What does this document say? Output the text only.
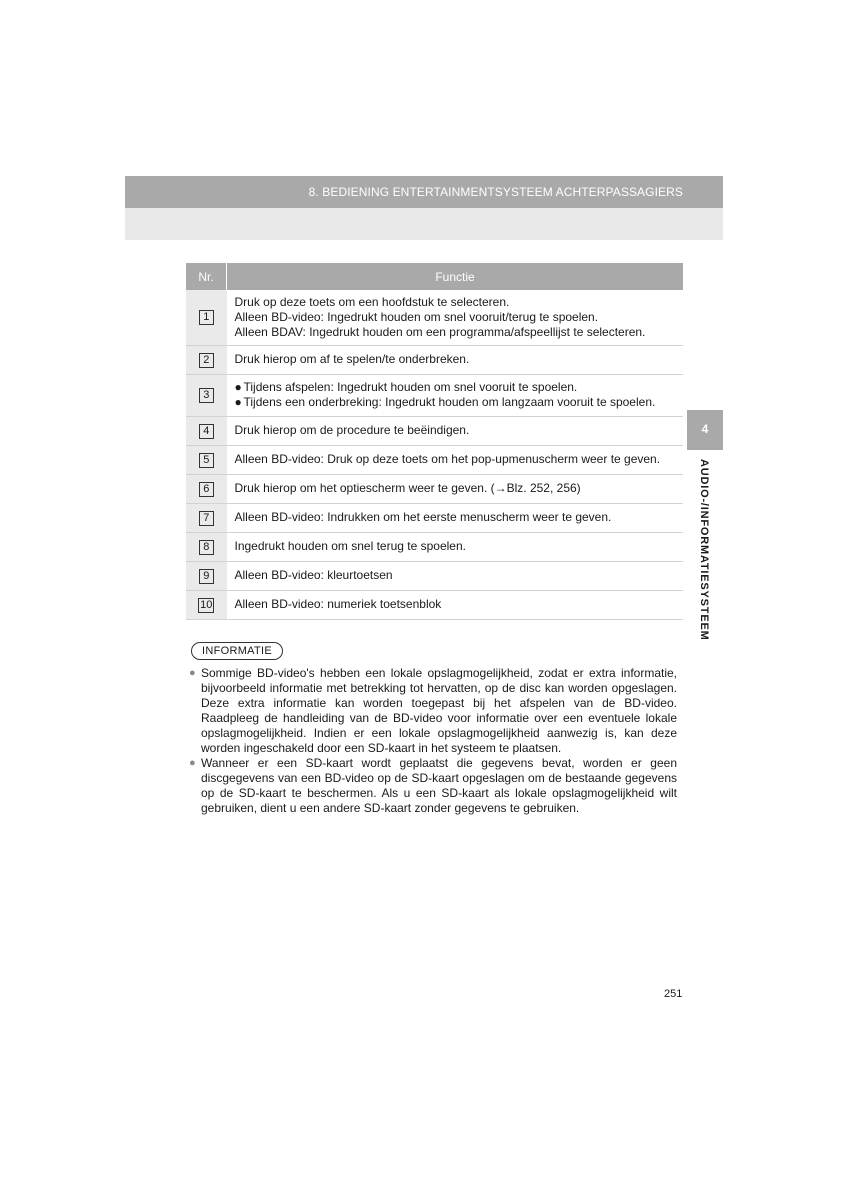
8. BEDIENING ENTERTAINMENTSYSTEEM ACHTERPASSAGIERS
Nr.	Functie
1	Druk op deze toets om een hoofdstuk te selecteren.
Alleen BD-video: Ingedrukt houden om snel vooruit/terug te spoelen.
Alleen BDAV: Ingedrukt houden om een programma/afspeellijst te selecteren.

2	Druk hierop om af te spelen/te onderbreken.

3	● Tijdens afspelen: Ingedrukt houden om snel vooruit te spoelen.
● Tijdens een onderbreking: Ingedrukt houden om langzaam vooruit te spoelen.

4	Druk hierop om de procedure te beëindigen.

5	Alleen BD-video: Druk op deze toets om het pop-upmenuscherm weer te geven.

6	Druk hierop om het optiescherm weer te geven. (→Blz. 252, 256)

7	Alleen BD-video: Indrukken om het eerste menuscherm weer te geven.

8	Ingedrukt houden om snel terug te spoelen.

9	Alleen BD-video: kleurtoetsen

10	Alleen BD-video: numeriek toetsenblok
INFORMATIE

● Sommige BD-video's hebben een lokale opslagmogelijkheid, zodat er extra informatie, bijvoorbeeld informatie met betrekking tot hervatten, op de disc kan worden opgeslagen. Deze extra informatie kan worden toegepast bij het afspelen van de BD-video. Raadpleeg de handleiding van de BD-video voor informatie over een eventuele lokale opslagmogelijkheid. Indien er een lokale opslagmogelijkheid aanwezig is, kan deze worden ingeschakeld door een SD-kaart in het systeem te plaatsen.

● Wanneer er een SD-kaart wordt geplaatst die gegevens bevat, worden er geen discgegevens van een BD-video op de SD-kaart opgeslagen om de bestaande gegevens op de SD-kaart te beschermen. Als u een SD-kaart als lokale opslagmogelijkheid wilt gebruiken, dient u een andere SD-kaart zonder gegevens te gebruiken.

4
AUDIO-/INFORMATIESYSTEEM
251
